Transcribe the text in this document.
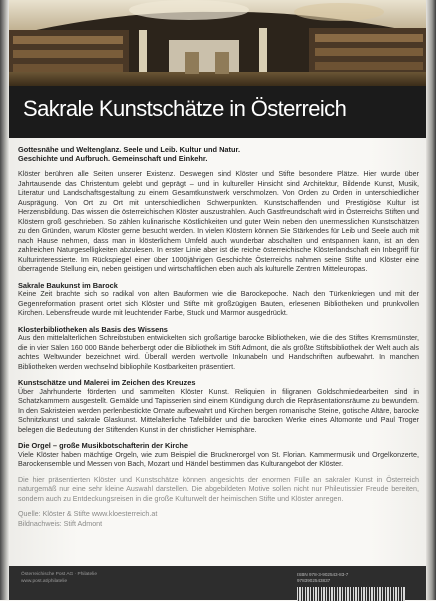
Sakrale Kunstschätze in Österreich

Gottesnähe und Weltenglanz. Seele und Leib. Kultur und Natur.

Geschichte und Aufbruch. Gemeinschaft und Einkehr.

Klöster berühren alle Seiten unserer Existenz. Deswegen sind Klöster und Stifte besondere Plätze. Hier wurde über Jahrtausende das Christentum gelebt und geprägt – und in kultureller Hinsicht sind Architektur, Bildende Kunst, Musik, Literatur und Landschaftsgestaltung zu einem Gesamtkunstwerk verschmolzen. Von Orden zu Orden in unterschiedlicher Ausprägung. Von Ort zu Ort mit unterschiedlichen Schwerpunkten. Kunstschaffenden und Prestigiöse Kultur ist Herzensbildung. Das wissen die österreichischen Klöster auszustrahlen. Auch Gastfreundschaft wird in Österreichs Stiften und Klöstern groß geschrieben. So zählen kulinarische Köstlichkeiten und guter Wein neben den unermesslichen Kunstschätzen zu den Gründen, warum Klöster gerne besucht werden. In vielen Klöstern können Sie Stärkendes für Leib und Seele auch mit nach Hause nehmen, dass man in klösterlichem Umfeld auch wunderbar abschalten und entspannen kann, ist an den zahlreichen Naturgeselligkeiten abzulesen. In erster Linie aber ist die reiche österreichische Klösterlandschaft ein Inbegriff für Kulturinteressierte. Im Rückspiegel einer über 1000jährigen Geschichte Österreichs nahmen seine Stifte und Klöster eine überragende Stellung ein, neben geistigen und wirtschaftlichen eben auch als kulturelle Zentren Mitteleuropas.

Sakrale Baukunst im Barock

Keine Zeit brachte sich so radikal von alten Bauformen wie die Barockepoche. Nach den Türkenkriegen und mit der Gegenreformation prasent ortet sich Klöster und Stifte mit großzügigen Bauten, erlesenen Bibliotheken und prunkvollen Kirchen. Lebensfreude wurde mit leuchtender Farbe, Stuck und Marmor ausgedrückt.

Klosterbibliotheken als Basis des Wissens

Aus den mittelalterlichen Schreibstuben entwickelten sich großartige barocke Bibliotheken, wie die des Stiftes Kremsmünster, die in vier Sälen 160 000 Bände beherbergt oder die Bibliothek im Stift Admont, die als größte Stiftsbibliothek der Welt auch als achtes Weltwunder bezeichnet wird. Überall werden wertvolle Inkunabeln und Handschriften aufbewahrt. In manchen Bibliotheken werden wechselnd bibliophile Kostbarkeiten präsentiert.

Kunstschätze und Malerei im Zeichen des Kreuzes

Über Jahrhunderte förderten und sammelten Klöster Kunst. Reliquien in filigranen Goldschmiedearbeiten sind in Schatzkammern ausgestellt. Gemälde und Tapisserien sind einem Kündigung durch die Repräsentationsräume zu bewundern. In den Sakristeien werden perlenbestickte Ornate aufbewahrt und Kirchen bergen romanische Steine, gotische Altäre, barocke Schnitzkunst und sakrale Glaskunst. Mittelalterliche Tafelbilder und die barocken Werke eines Altomonte und Paul Troger belegen die Bedeutung der Stiftenden Kunst in der christlicher Hemisphäre.

Die Orgel – große Musikbotschafterin der Kirche

Viele Klöster haben mächtige Orgeln, wie zum Beispiel die Brucknerorgel von St. Florian. Kammermusik und Orgelkonzerte, Barockensemble und Messen von Bach, Mozart und Händel bestimmen das Kulturangebot der Klöster.

Die hier präsentierten Klöster und Kunstschätze können angesichts der enormen Fülle an sakraler Kunst in Österreich naturgemäß nur eine sehr kleine Auswahl darstellen. Die abgebildeten Motive sollen nicht nur Phileutissier Freude bereiten, sondern auch zu Entdeckungsreisen in die große Kulturwelt der heimischen Stifte und Klöster anregen.

Quelle: Klöster & Stifte www.kloesterreich.at

Bildnachweis: Stift Admont

Österreichische Post AG · Philatelie
www.post.at/philatelie
ISBN 978-3-902543-83-7
9783902543837
